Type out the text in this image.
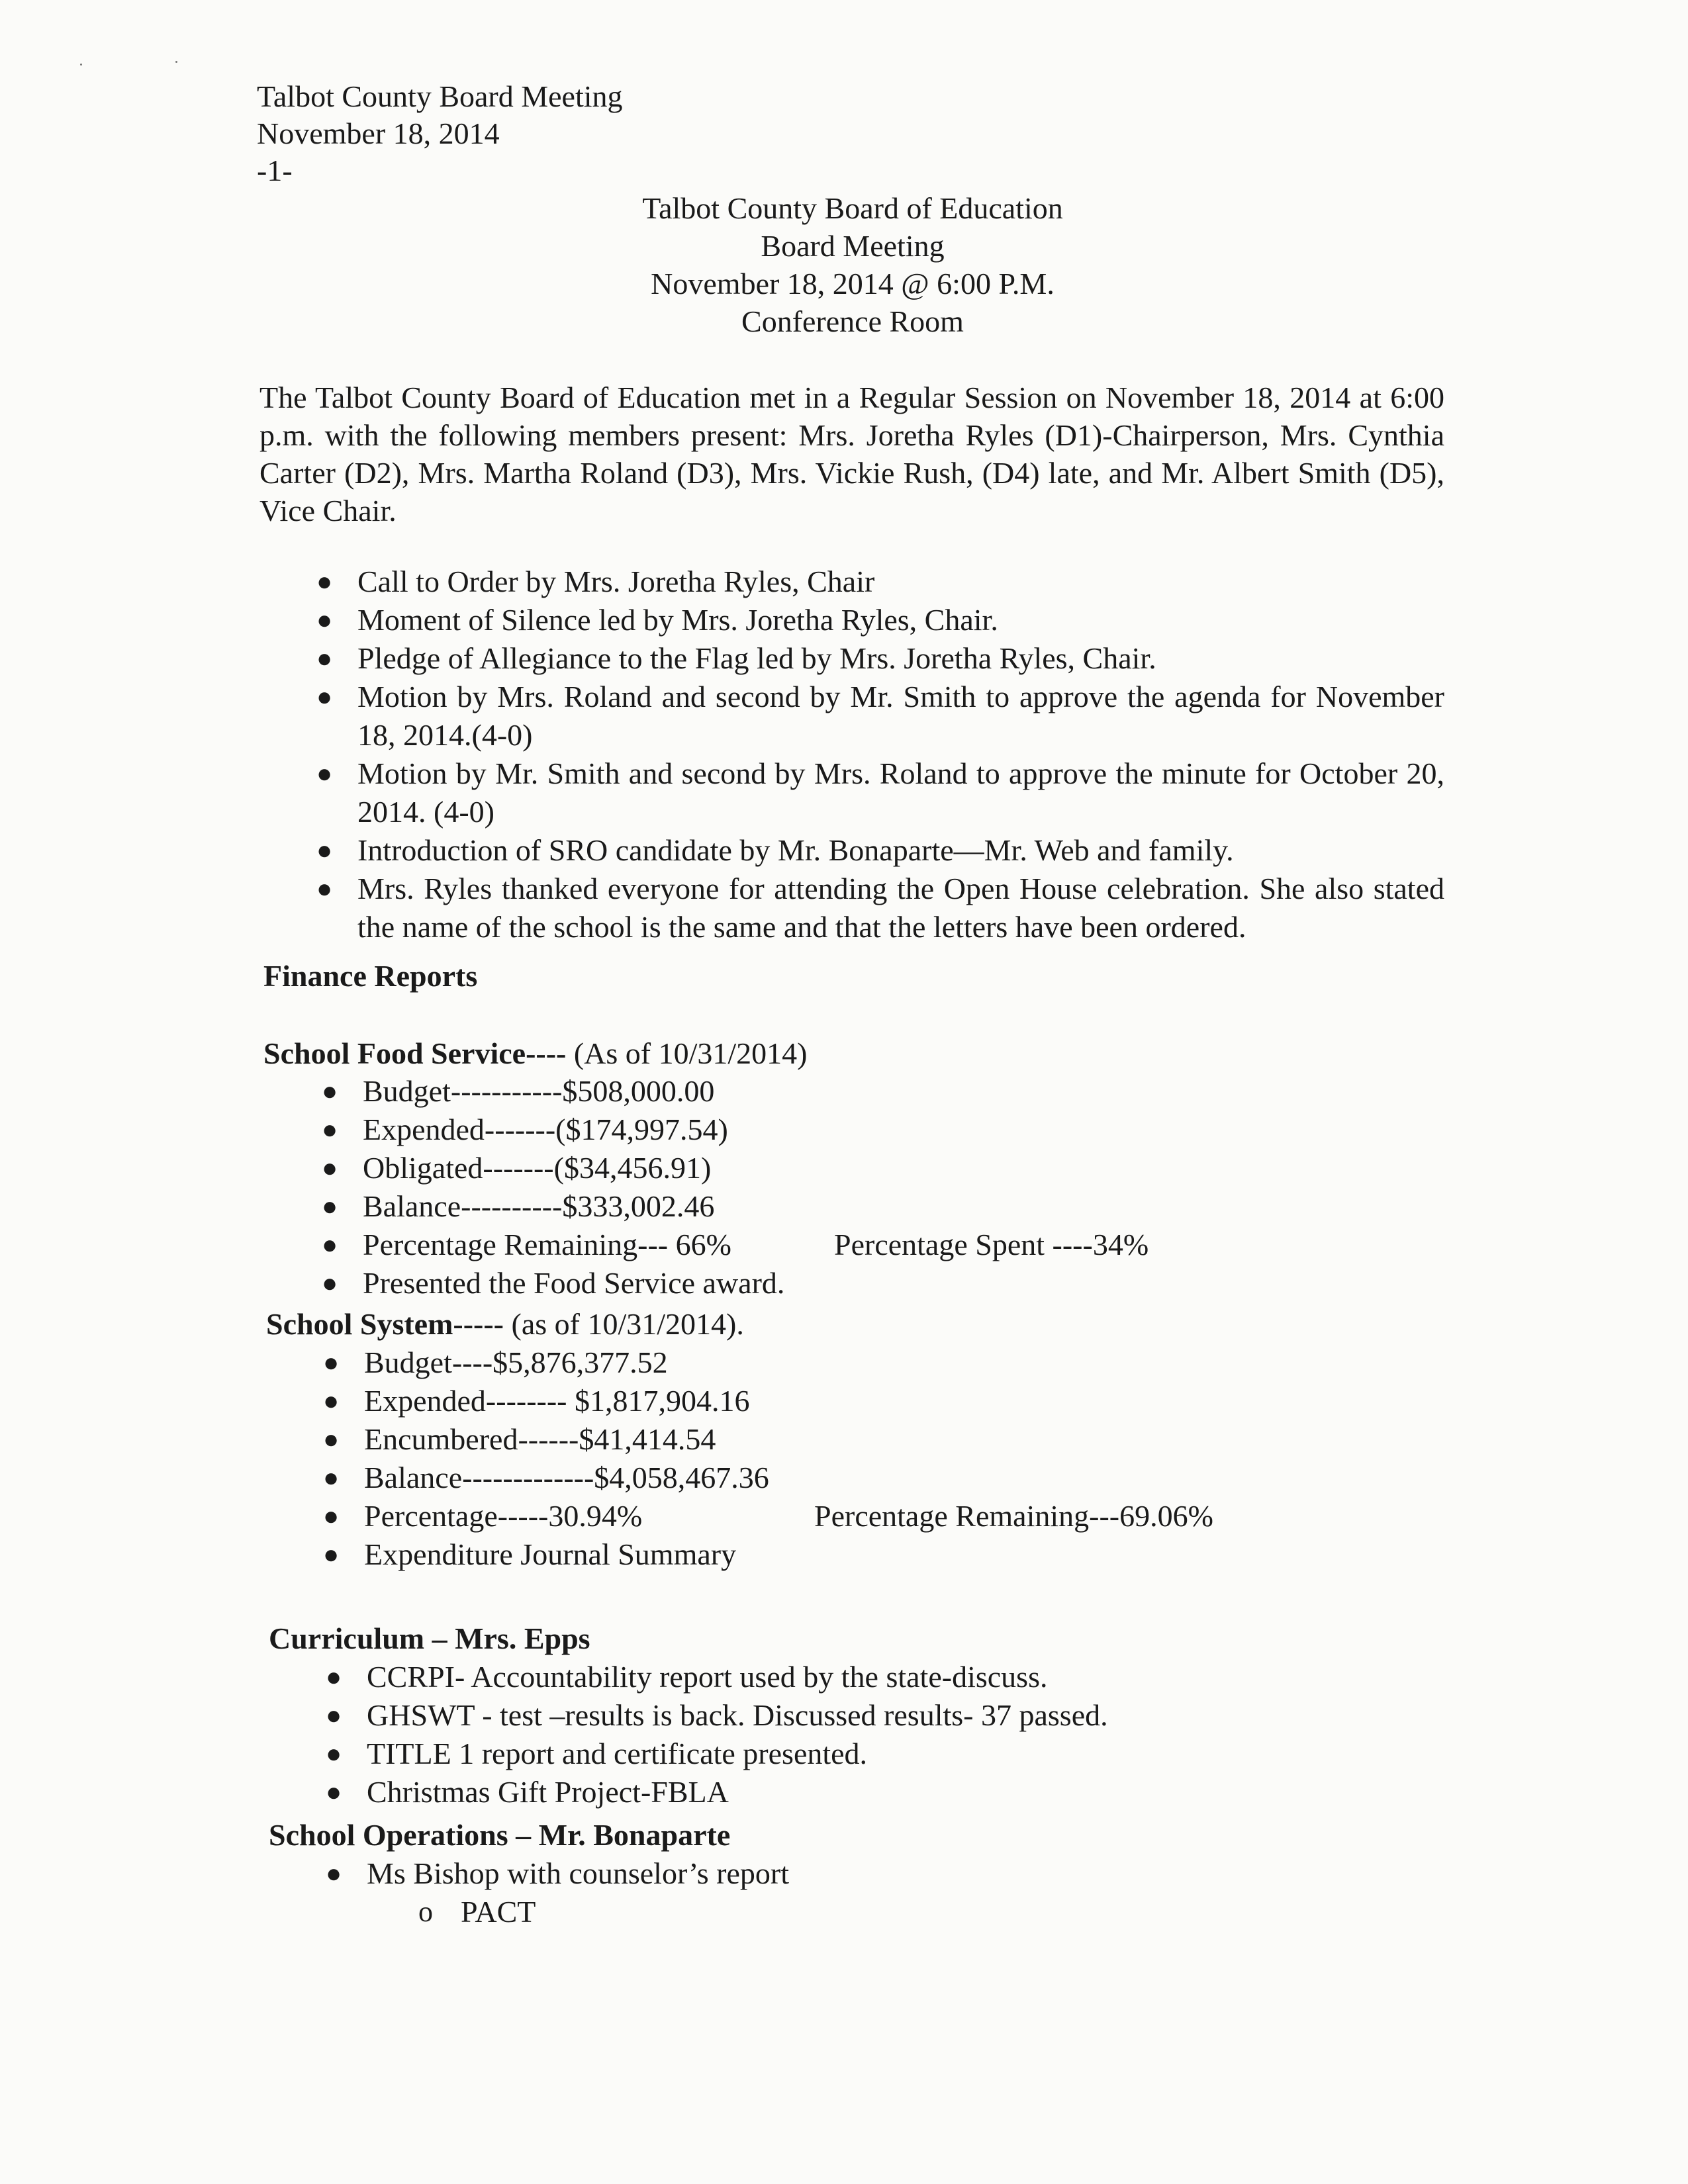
Talbot County Board Meeting
November 18, 2014
-1-
Talbot County Board of Education
Board Meeting
November 18, 2014 @ 6:00 P.M.
Conference Room

The Talbot County Board of Education met in a Regular Session on November 18, 2014 at 6:00 p.m. with the following members present: Mrs. Joretha Ryles (D1)-Chairperson, Mrs. Cynthia Carter (D2), Mrs. Martha Roland (D3), Mrs. Vickie Rush, (D4) late, and Mr. Albert Smith (D5), Vice Chair.

● Call to Order by Mrs. Joretha Ryles, Chair
● Moment of Silence led by Mrs. Joretha Ryles, Chair.
● Pledge of Allegiance to the Flag led by Mrs. Joretha Ryles, Chair.
● Motion by Mrs. Roland and second by Mr. Smith to approve the agenda for November 18, 2014.(4-0)
● Motion by Mr. Smith and second by Mrs. Roland to approve the minute for October 20, 2014. (4-0)
● Introduction of SRO candidate by Mr. Bonaparte—Mr. Web and family.
● Mrs. Ryles thanked everyone for attending the Open House celebration. She also stated the name of the school is the same and that the letters have been ordered.
Finance Reports
School Food Service---- (As of 10/31/2014)
● Budget-----------$508,000.00
● Expended-------($174,997.54)
● Obligated-------($34,456.91)
● Balance----------$333,002.46
● Percentage Remaining--- 66%	Percentage Spent ----34%
● Presented the Food Service award.
School System----- (as of 10/31/2014).
● Budget----$5,876,377.52
● Expended-------- $1,817,904.16
● Encumbered------$41,414.54
● Balance-------------$4,058,467.36
● Percentage-----30.94%	Percentage Remaining---69.06%
● Expenditure Journal Summary
Curriculum – Mrs. Epps
● CCRPI- Accountability report used by the state-discuss.
● GHSWT - test –results is back. Discussed results- 37 passed.
● TITLE 1 report and certificate presented.
● Christmas Gift Project-FBLA
School Operations – Mr. Bonaparte
● Ms Bishop with counselor’s report
o PACT
